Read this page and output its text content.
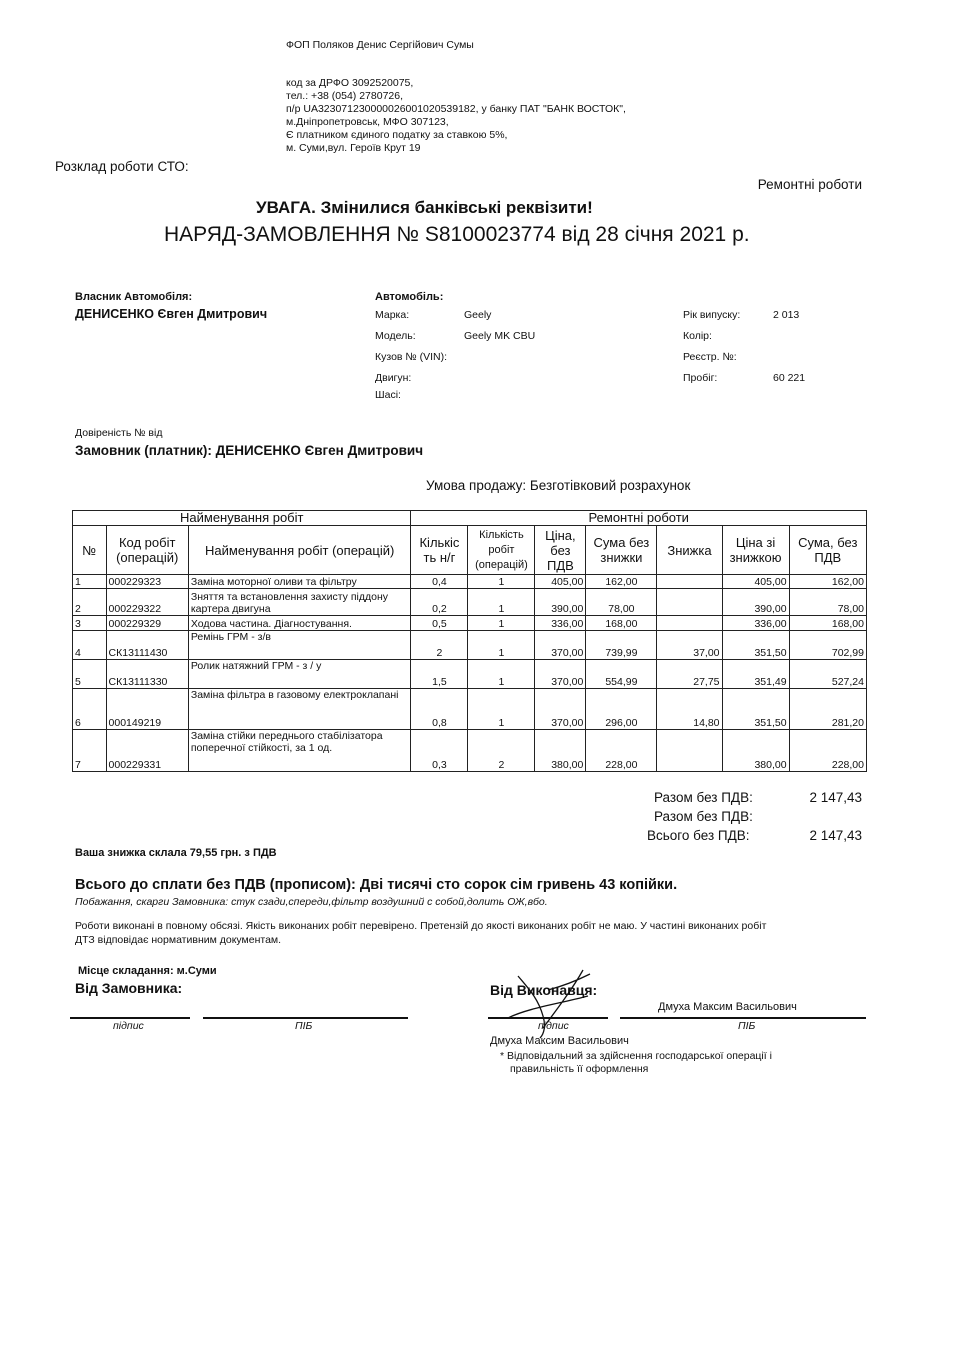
ФОП Поляков Денис Сергійович Сумы
код за ДРФО 3092520075,
тел.: +38 (054) 2780726,
п/р UA323071230000026001020539182, у банку ПАТ "БАНК ВОСТОК",
м.Дніпропетровськ, МФО 307123,
Є платником єдиного податку за ставкою 5%,
м. Суми,вул. Героїв Крут 19
Розклад роботи СТО:
Ремонтні роботи
УВАГА. Змінилися банківські реквізити!
НАРЯД-ЗАМОВЛЕННЯ № S8100023774 від 28 січня 2021 р.
Власник Автомобіля:
ДЕНИСЕНКО Євген Дмитрович
Автомобіль:
Марка:	Geely
Модель:	Geely MK CBU
Кузов № (VIN):
Двигун:
Шасі:
Рік випуску:	2 013
Колір:
Реєстр. №:
Пробіг:	60 221
Довіреність № від
Замовник (платник): ДЕНИСЕНКО Євген Дмитрович
Умова продажу: Безготівковий розрахунок
Найменування робіт			Ремонтні роботи						
№	Код робіт (операцій)	Найменування робіт (операцій)	Кількіс ть н/г	Кількість робіт (операцій)	Ціна, без ПДВ	Сума без знижки	Знижка	Ціна зі знижкою	Сума, без ПДВ
1	000229323	Заміна моторної оливи та фільтру	0,4	1	405,00	162,00		405,00	162,00
2	000229322	Зняття та встановлення захисту піддону картера двигуна	0,2	1	390,00	78,00		390,00	78,00
3	000229329	Ходова частина. Діагностування.	0,5	1	336,00	168,00		336,00	168,00
4	СК13111430	Ремінь ГРМ - з/в	2	1	370,00	739,99	37,00	351,50	702,99
5	СК13111330	Ролик натяжний ГРМ - з / у	1,5	1	370,00	554,99	27,75	351,49	527,24
6	000149219	Заміна фільтра в газовому електроклапані	0,8	1	370,00	296,00	14,80	351,50	281,20
7	000229331	Заміна стійки переднього стабілізатора поперечної стійкості, за 1 од.	0,3	2	380,00	228,00		380,00	228,00
Разом без ПДВ:	2 147,43
Разом без ПДВ:
Всього без ПДВ:	2 147,43
Ваша знижка склала 79,55 грн. з ПДВ
Всього до сплати без ПДВ (прописом): Дві тисячі сто сорок сім гривень 43 копійки.
Побажання, скарги Замовника: стук сзади,спереди,фільтр воздушний с собой,долить ОЖ,вбо.
Роботи виконані в повному обсязі. Якість виконаних робіт перевірено. Претензій до якості виконаних робіт не маю. У частині виконаних робіт
ДТЗ відповідає нормативним документам.
Місце складання: м.Суми
Від Замовника:	Від Виконавця:
підпис	ПІБ
Дмуха Максим Васильович
підпис	ПІБ
Дмуха Максим Васильович
* Відповідальний за здійснення господарської операції і
правильність її оформлення
